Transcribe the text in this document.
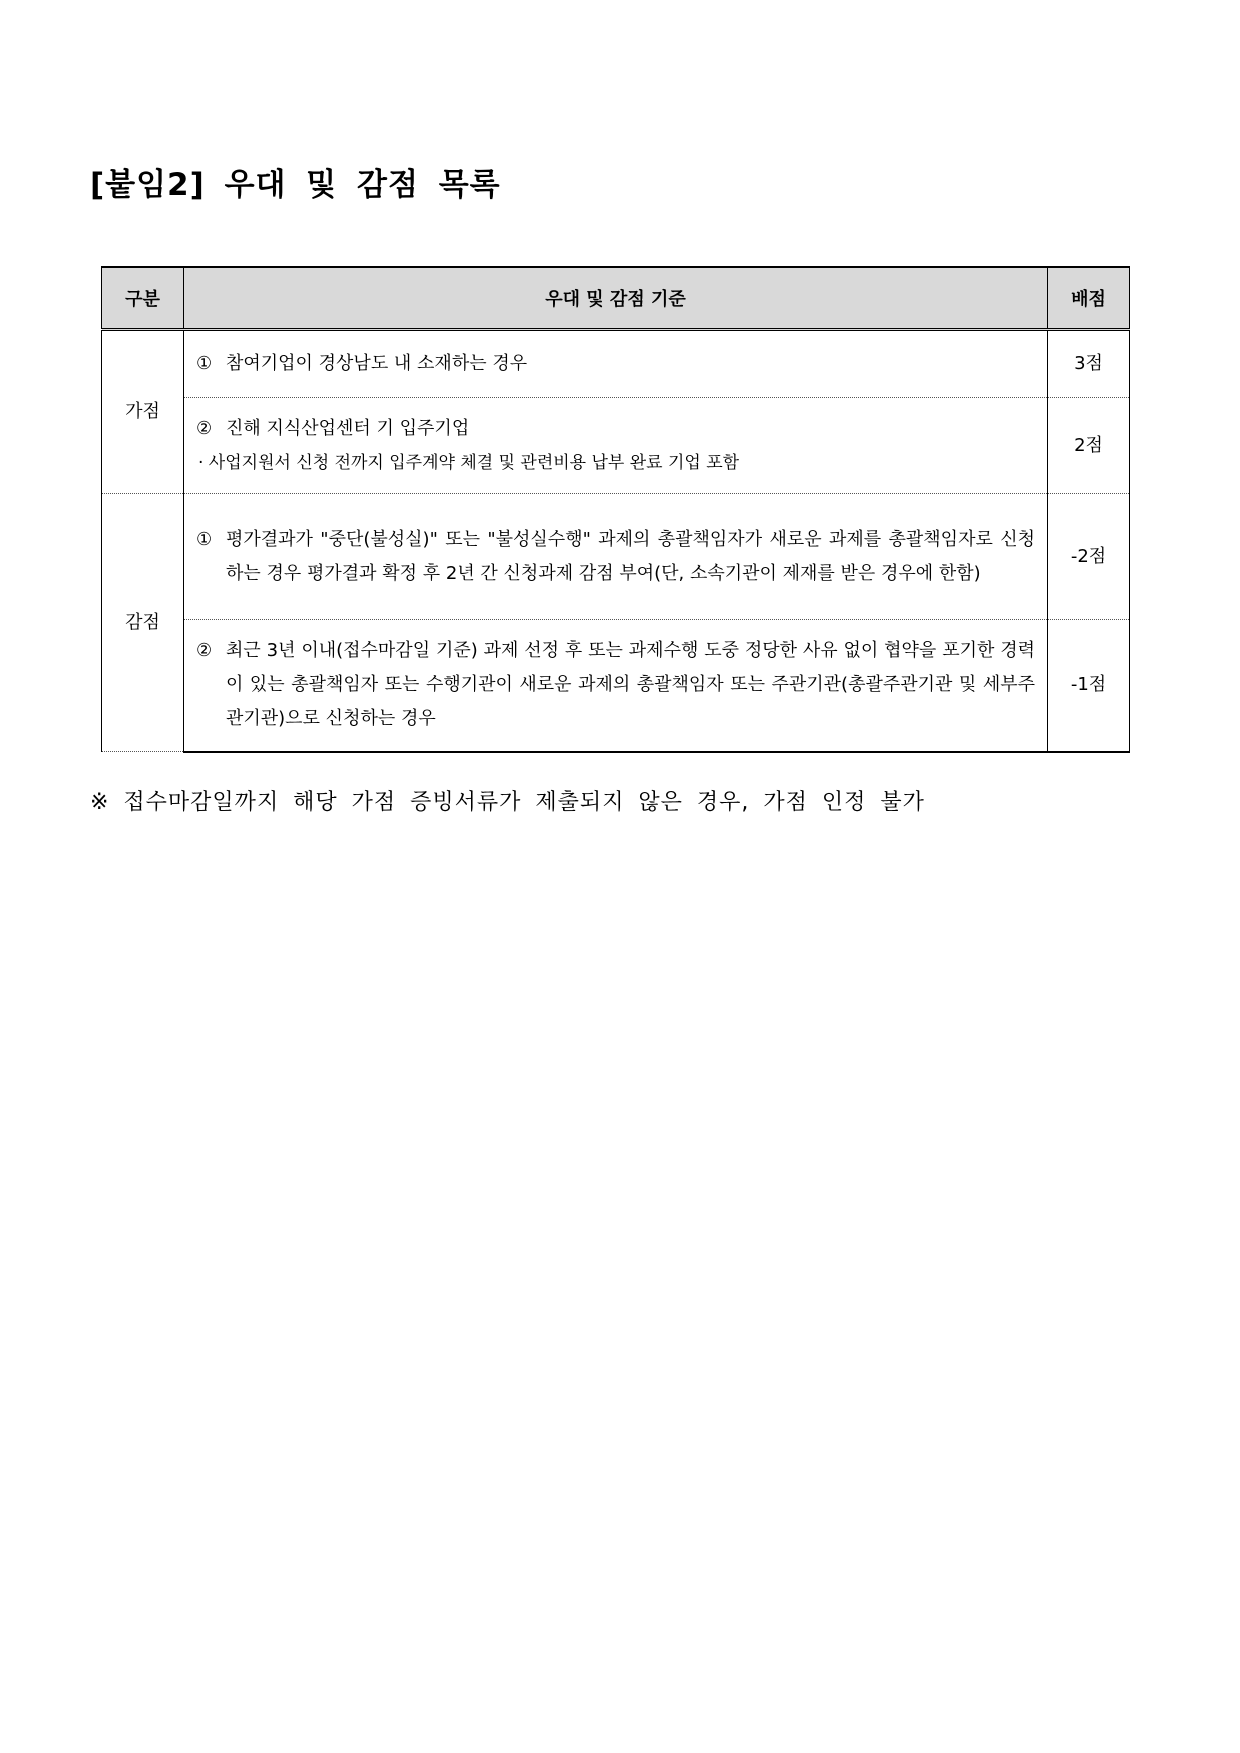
[붙임2] 우대 및 감점 목록
구분	우대 및 감점 기준	배점
가점	① 참여기업이 경상남도 내 소재하는 경우	3점

	② 진해 지식산업센터 기 입주기업
· 사업지원서 신청 전까지 입주계약 체결 및 관련비용 납부 완료 기업 포함	2점
감점	① 평가결과가 "중단(불성실)" 또는 "불성실수행" 과제의 총괄책임자가 새로운 과제를 총괄책임자로 신청하는 경우 평가결과 확정 후 2년 간 신청과제 감점 부여(단, 소속기관이 제재를 받은 경우에 한함)	-2점

	② 최근 3년 이내(접수마감일 기준) 과제 선정 후 또는 과제수행 도중 정당한 사유 없이 협약을 포기한 경력이 있는 총괄책임자 또는 수행기관이 새로운 과제의 총괄책임자 또는 주관기관(총괄주관기관 및 세부주관기관)으로 신청하는 경우	-1점

※ 접수마감일까지 해당 가점 증빙서류가 제출되지 않은 경우, 가점 인정 불가
